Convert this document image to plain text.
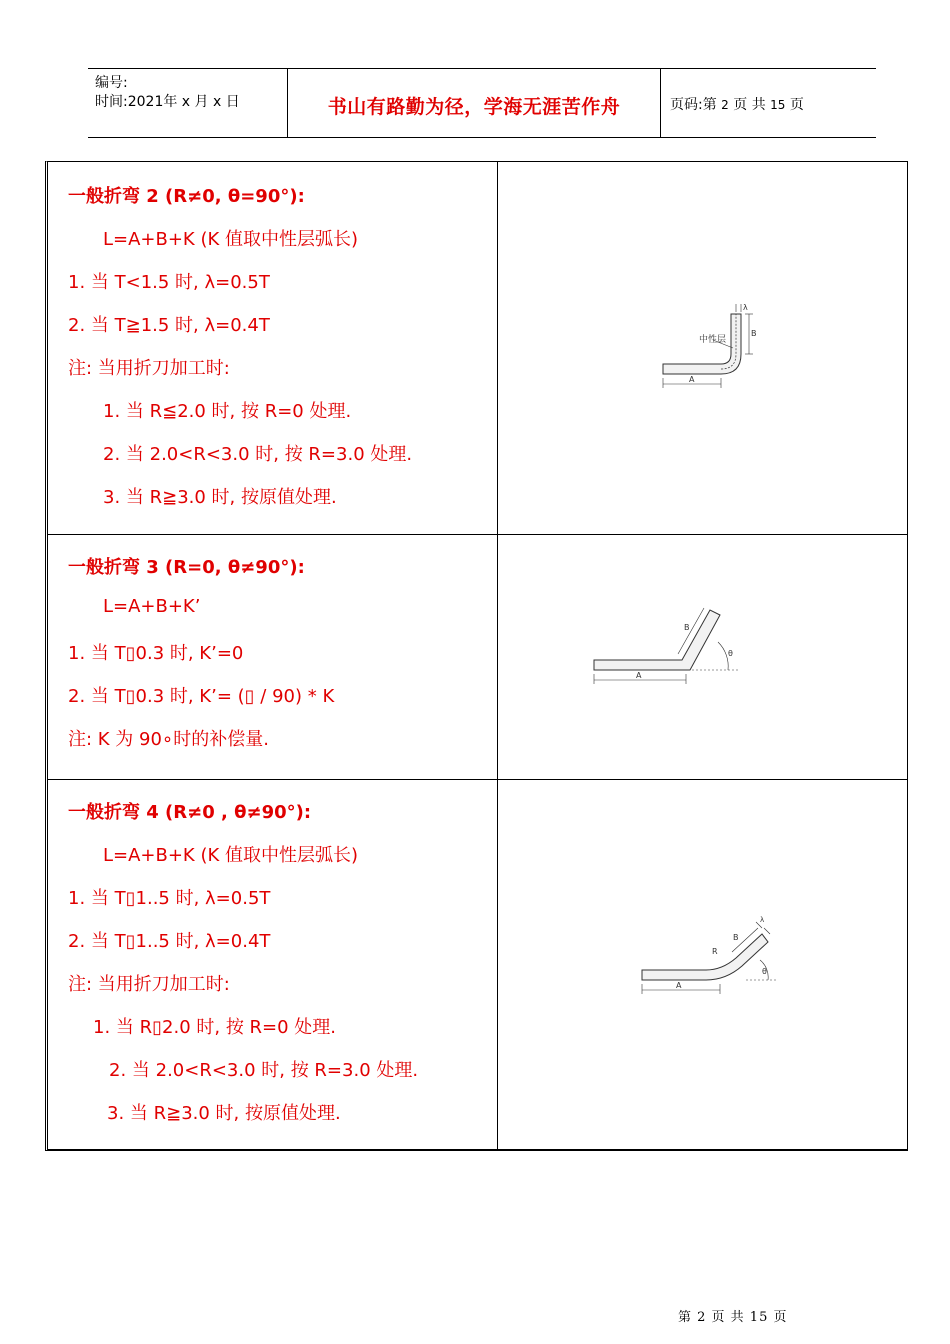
编号:
时间:2021年 x 月 x 日	书山有路勤为径，学海无涯苦作舟	页码:第 2 页 共 15 页
一般折弯 2 (R≠0, θ=90°):
L=A+B+K (K 值取中性层弧长)
1. 当 T<1.5 时, λ=0.5T
2. 当 T≧1.5 时, λ=0.4T
注: 当用折刀加工时:
1. 当 R≦2.0 时, 按 R=0 处理.
2. 当 2.0<R<3.0 时, 按 R=3.0 处理.
3. 当 R≧3.0 时, 按原值处理.
中性层
A
B
λ
一般折弯 3 (R=0, θ≠90°):
L=A+B+K’
1. 当 T▯0.3 时, K’=0
2. 当 T▯0.3 时, K’= (▯ / 90) * K
注: K 为 90∘时的补偿量.
A
B
θ
一般折弯 4 (R≠0 , θ≠90°):
L=A+B+K (K 值取中性层弧长)
1. 当 T▯1..5 时, λ=0.5T
2. 当 T▯1..5 时, λ=0.4T
注: 当用折刀加工时:
1. 当 R▯2.0 时, 按 R=0 处理.
2. 当 2.0<R<3.0 时, 按 R=3.0 处理.
3. 当 R≧3.0 时, 按原值处理.
A
B
R
θ
λ
第 2 页 共 15 页
